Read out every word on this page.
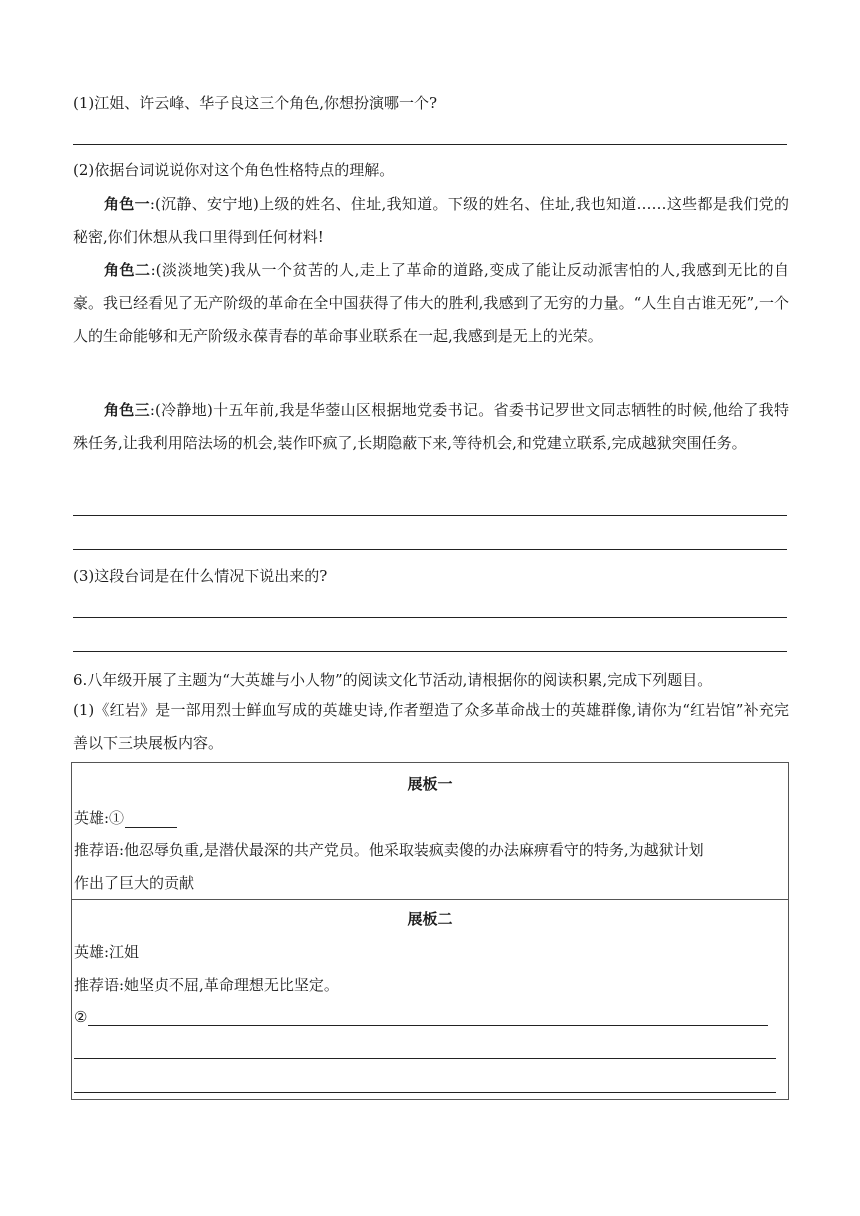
(1)江姐、许云峰、华子良这三个角色,你想扮演哪一个?
(2)依据台词说说你对这个角色性格特点的理解。
角色一:(沉静、安宁地)上级的姓名、住址,我知道。下级的姓名、住址,我也知道……这些都是我们党的秘密,你们休想从我口里得到任何材料!
角色二:(淡淡地笑)我从一个贫苦的人,走上了革命的道路,变成了能让反动派害怕的人,我感到无比的自豪。我已经看见了无产阶级的革命在全中国获得了伟大的胜利,我感到了无穷的力量。“人生自古谁无死”,一个人的生命能够和无产阶级永葆青春的革命事业联系在一起,我感到是无上的光荣。
角色三:(冷静地)十五年前,我是华蓥山区根据地党委书记。省委书记罗世文同志牺牲的时候,他给了我特殊任务,让我利用陪法场的机会,装作吓疯了,长期隐蔽下来,等待机会,和党建立联系,完成越狱突围任务。
(3)这段台词是在什么情况下说出来的?
6.八年级开展了主题为“大英雄与小人物”的阅读文化节活动,请根据你的阅读积累,完成下列题目。
(1)《红岩》是一部用烈士鲜血写成的英雄史诗,作者塑造了众多革命战士的英雄群像,请你为“红岩馆”补充完善以下三块展板内容。
展板一
英雄:①
推荐语:他忍辱负重,是潜伏最深的共产党员。他采取装疯卖傻的办法麻痹看守的特务,为越狱计划
作出了巨大的贡献
展板二
英雄:江姐
推荐语:她坚贞不屈,革命理想无比坚定。
②
